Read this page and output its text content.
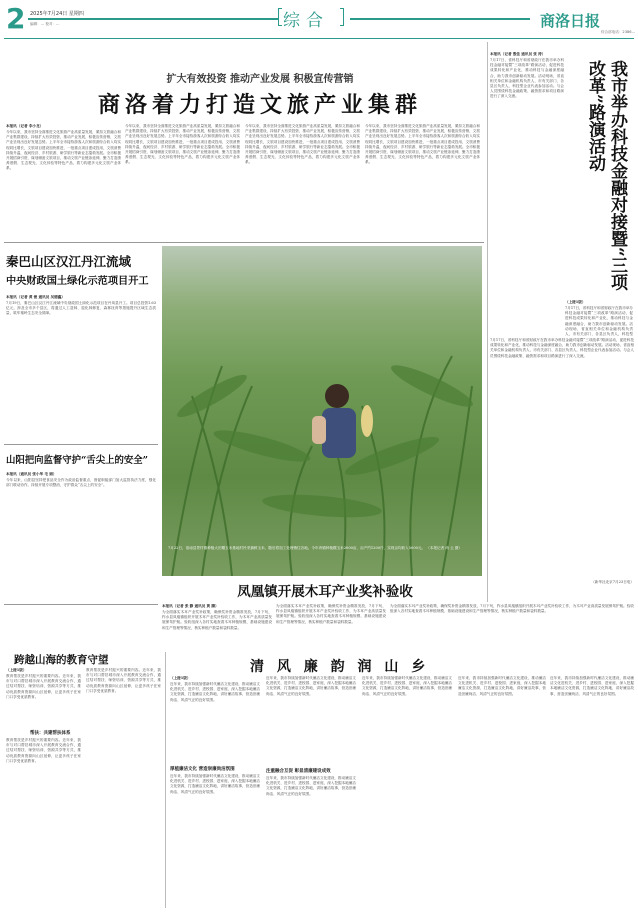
2 2025年7月24日 星期四
编辑：... 校对：...	综合	商洛日报
综合部电话：2386...
扩大有效投资 推动产业发展 积极宣传营销
商洛着力打造文旅产业集群
本报讯（记者 李小龙）
今年以来，我市坚持全面推进文化旅游产业高质量发展，紧扣文旅融合和产业集群建设，持续扩大有效投资，推动产业发展，积极宣传营销，文旅产业呈现出良好发展态势。上半年全市接待游客人次和旅游综合收入均实现同比增长，文旅项目建设加快推进，一批重点项目建成投用，文旅消费持续升温，夜间经济、乡村旅游、研学旅行等新业态蓬勃发展。全市积极开展招商引资，谋划储备文旅项目，推动文旅产业链条延伸，聚力打造康养度假、生态观光、文化体验等特色产品，着力构建多元化文旅产业体系。
今年以来，我市坚持全面推进文化旅游产业高质量发展，紧扣文旅融合和产业集群建设，持续扩大有效投资，推动产业发展，积极宣传营销，文旅产业呈现出良好发展态势。上半年全市接待游客人次和旅游综合收入均实现同比增长，文旅项目建设加快推进，一批重点项目建成投用，文旅消费持续升温，夜间经济、乡村旅游、研学旅行等新业态蓬勃发展。全市积极开展招商引资，谋划储备文旅项目，推动文旅产业链条延伸，聚力打造康养度假、生态观光、文化体验等特色产品，着力构建多元化文旅产业体系。
今年以来，我市坚持全面推进文化旅游产业高质量发展，紧扣文旅融合和产业集群建设，持续扩大有效投资，推动产业发展，积极宣传营销，文旅产业呈现出良好发展态势。上半年全市接待游客人次和旅游综合收入均实现同比增长，文旅项目建设加快推进，一批重点项目建成投用，文旅消费持续升温，夜间经济、乡村旅游、研学旅行等新业态蓬勃发展。全市积极开展招商引资，谋划储备文旅项目，推动文旅产业链条延伸，聚力打造康养度假、生态观光、文化体验等特色产品，着力构建多元化文旅产业体系。
今年以来，我市坚持全面推进文化旅游产业高质量发展，紧扣文旅融合和产业集群建设，持续扩大有效投资，推动产业发展，积极宣传营销，文旅产业呈现出良好发展态势。上半年全市接待游客人次和旅游综合收入均实现同比增长，文旅项目建设加快推进，一批重点项目建成投用，文旅消费持续升温，夜间经济、乡村旅游、研学旅行等新业态蓬勃发展。全市积极开展招商引资，谋划储备文旅项目，推动文旅产业链条延伸，聚力打造康养度假、生态观光、文化体验等特色产品，着力构建多元化文旅产业体系。
本报讯（记者 殷佳 通讯员 张 涛）
7月17日，省科技厅和省财政厅在我市举办科技金融对接暨“三项改革”路演活动，促进科技成果转化和产业化，推动科技与金融深度融合，助力我市创新驱动发展。活动现场，省直相关单位和金融机构负责人，市有关部门、各县区负责人，科技型企业代表参加活动。与会人员围绕科技金融政策、融资需求和项目路演进行了深入交流。	我市举办科技金融对接暨“三项改革”路演活动
（上接1版）
7月17日，省科技厅和省财政厅在我市举办科技金融对接暨“三项改革”路演活动，促进科技成果转化和产业化，推动科技与金融深度融合，助力我市创新驱动发展。活动现场，省直相关单位和金融机构负责人，市有关部门、各县区负责人，科技型
7月17日，省科技厅和省财政厅在我市举办科技金融对接暨“三项改革”路演活动，促进科技成果转化和产业化，推动科技与金融深度融合，助力我市创新驱动发展。活动现场，省直相关单位和金融机构负责人，市有关部门、各县区负责人，科技型企业代表参加活动。与会人员围绕科技金融政策、融资需求和项目路演进行了深入交流。
（新华社北京7月23日电）
秦巴山区汉江丹江流域
中央财政国土绿化示范项目开工
本报讯（记者 黄 俊 通讯员 吴德鑫）
7月19日，秦巴山区汉江丹江流域中央财政国土绿化示范项目在丹凤县开工。项目总投资1.63亿元，涉及全市多个县区，将通过人工造林、退化林修复、森林抚育等措施提升区域生态质量，筑牢秦岭生态安全屏障。
山阳把向监督守护“舌尖上的安全”
本报讯（通讯员 张小华 毛 娟）
今年以来，山阳县坚持把食品安全作为政治监督重点，督促职能部门加大监管执法力度，强化部门联动协作，持续开展专项整治，守护群众“舌尖上的安全”。
7月22日，洛南县景村镇种植大田糯玉米基地村民采摘鲜玉米，随后将加工处理销往各地。今年该镇种植糯玉米2000亩，亩产约1200斤，实现亩均收入5000元。 （本报记者 尚 云 摄）
凤凰镇开展木耳产业奖补验收
本报讯（记者 张 静 通讯员 黄 腾）
为全面落实木耳产业奖补政策，确保奖补资金精准发放，7月下旬，柞水县凤凰镇组织开展木耳产业奖补验收工作，为木耳产业高质量发展保驾护航。验收组深入各村实地查看木耳种植规模、基础设施建设和生产管理等情况，核实种植户数量和袋料数量。
为全面落实木耳产业奖补政策，确保奖补资金精准发放，7月下旬，柞水县凤凰镇组织开展木耳产业奖补验收工作，为木耳产业高质量发展保驾护航。验收组深入各村实地查看木耳种植规模、基础设施建设和生产管理等情况，核实种植户数量和袋料数量。
为全面落实木耳产业奖补政策，确保奖补资金精准发放，7月下旬，柞水县凤凰镇组织开展木耳产业奖补验收工作，为木耳产业高质量发展保驾护航。验收组深入各村实地查看木耳种植规模、基础设施建设和生产管理等情况，核实种植户数量和袋料数量。
跨越山海的教育守望
（上接1版）
教育帮扶是乡村振兴的重要内容。近年来，我市与对口帮扶城市深入开展教育交流合作，通过结对帮扶、师资培训、资源共享等方式，推动优质教育资源向山区延伸，让更多孩子在家门口享受优质教育。
帮扶：共建帮扶体系
教育帮扶是乡村振兴的重要内容。近年来，我市与对口帮扶城市深入开展教育交流合作，通过结对帮扶、师资培训、资源共享等方式，推动优质教育资源向山区延伸，让更多孩子在家门口享受优质教育。
教育帮扶是乡村振兴的重要内容。近年来，我市与对口帮扶城市深入开展教育交流合作，通过结对帮扶、师资培训、资源共享等方式，推动优质教育资源向山区延伸，让更多孩子在家门口享受优质教育。
清 风 廉 韵 润 山 乡
（上接1版）
近年来，我市持续加强新时代廉洁文化建设，推动廉洁文化进机关、进乡村、进校园、进家庭，深入挖掘本地廉洁文化资源，打造廉洁文化阵地，讲好廉洁故事，营造崇廉尚洁、风清气正的良好氛围。
厚植廉洁文化 营造崇廉尚洁氛围
近年来，我市持续加强新时代廉洁文化建设，推动廉洁文化进机关、进乡村、进校园、进家庭，深入挖掘本地廉洁文化资源，打造廉洁文化阵地，讲好廉洁故事，营造崇廉尚洁、风清气正的良好氛围。
近年来，我市持续加强新时代廉洁文化建设，推动廉洁文化进机关、进乡村、进校园、进家庭，深入挖掘本地廉洁文化资源，打造廉洁文化阵地，讲好廉洁故事，营造崇廉尚洁、风清气正的良好氛围。
注重融合互促 彰显清廉建设成效
近年来，我市持续加强新时代廉洁文化建设，推动廉洁文化进机关、进乡村、进校园、进家庭，深入挖掘本地廉洁文化资源，打造廉洁文化阵地，讲好廉洁故事，营造崇廉尚洁、风清气正的良好氛围。
近年来，我市持续加强新时代廉洁文化建设，推动廉洁文化进机关、进乡村、进校园、进家庭，深入挖掘本地廉洁文化资源，打造廉洁文化阵地，讲好廉洁故事，营造崇廉尚洁、风清气正的良好氛围。
近年来，我市持续加强新时代廉洁文化建设，推动廉洁文化进机关、进乡村、进校园、进家庭，深入挖掘本地廉洁文化资源，打造廉洁文化阵地，讲好廉洁故事，营造崇廉尚洁、风清气正的良好氛围。
近年来，我市持续加强新时代廉洁文化建设，推动廉洁文化进机关、进乡村、进校园、进家庭，深入挖掘本地廉洁文化资源，打造廉洁文化阵地，讲好廉洁故事，营造崇廉尚洁、风清气正的良好氛围。
